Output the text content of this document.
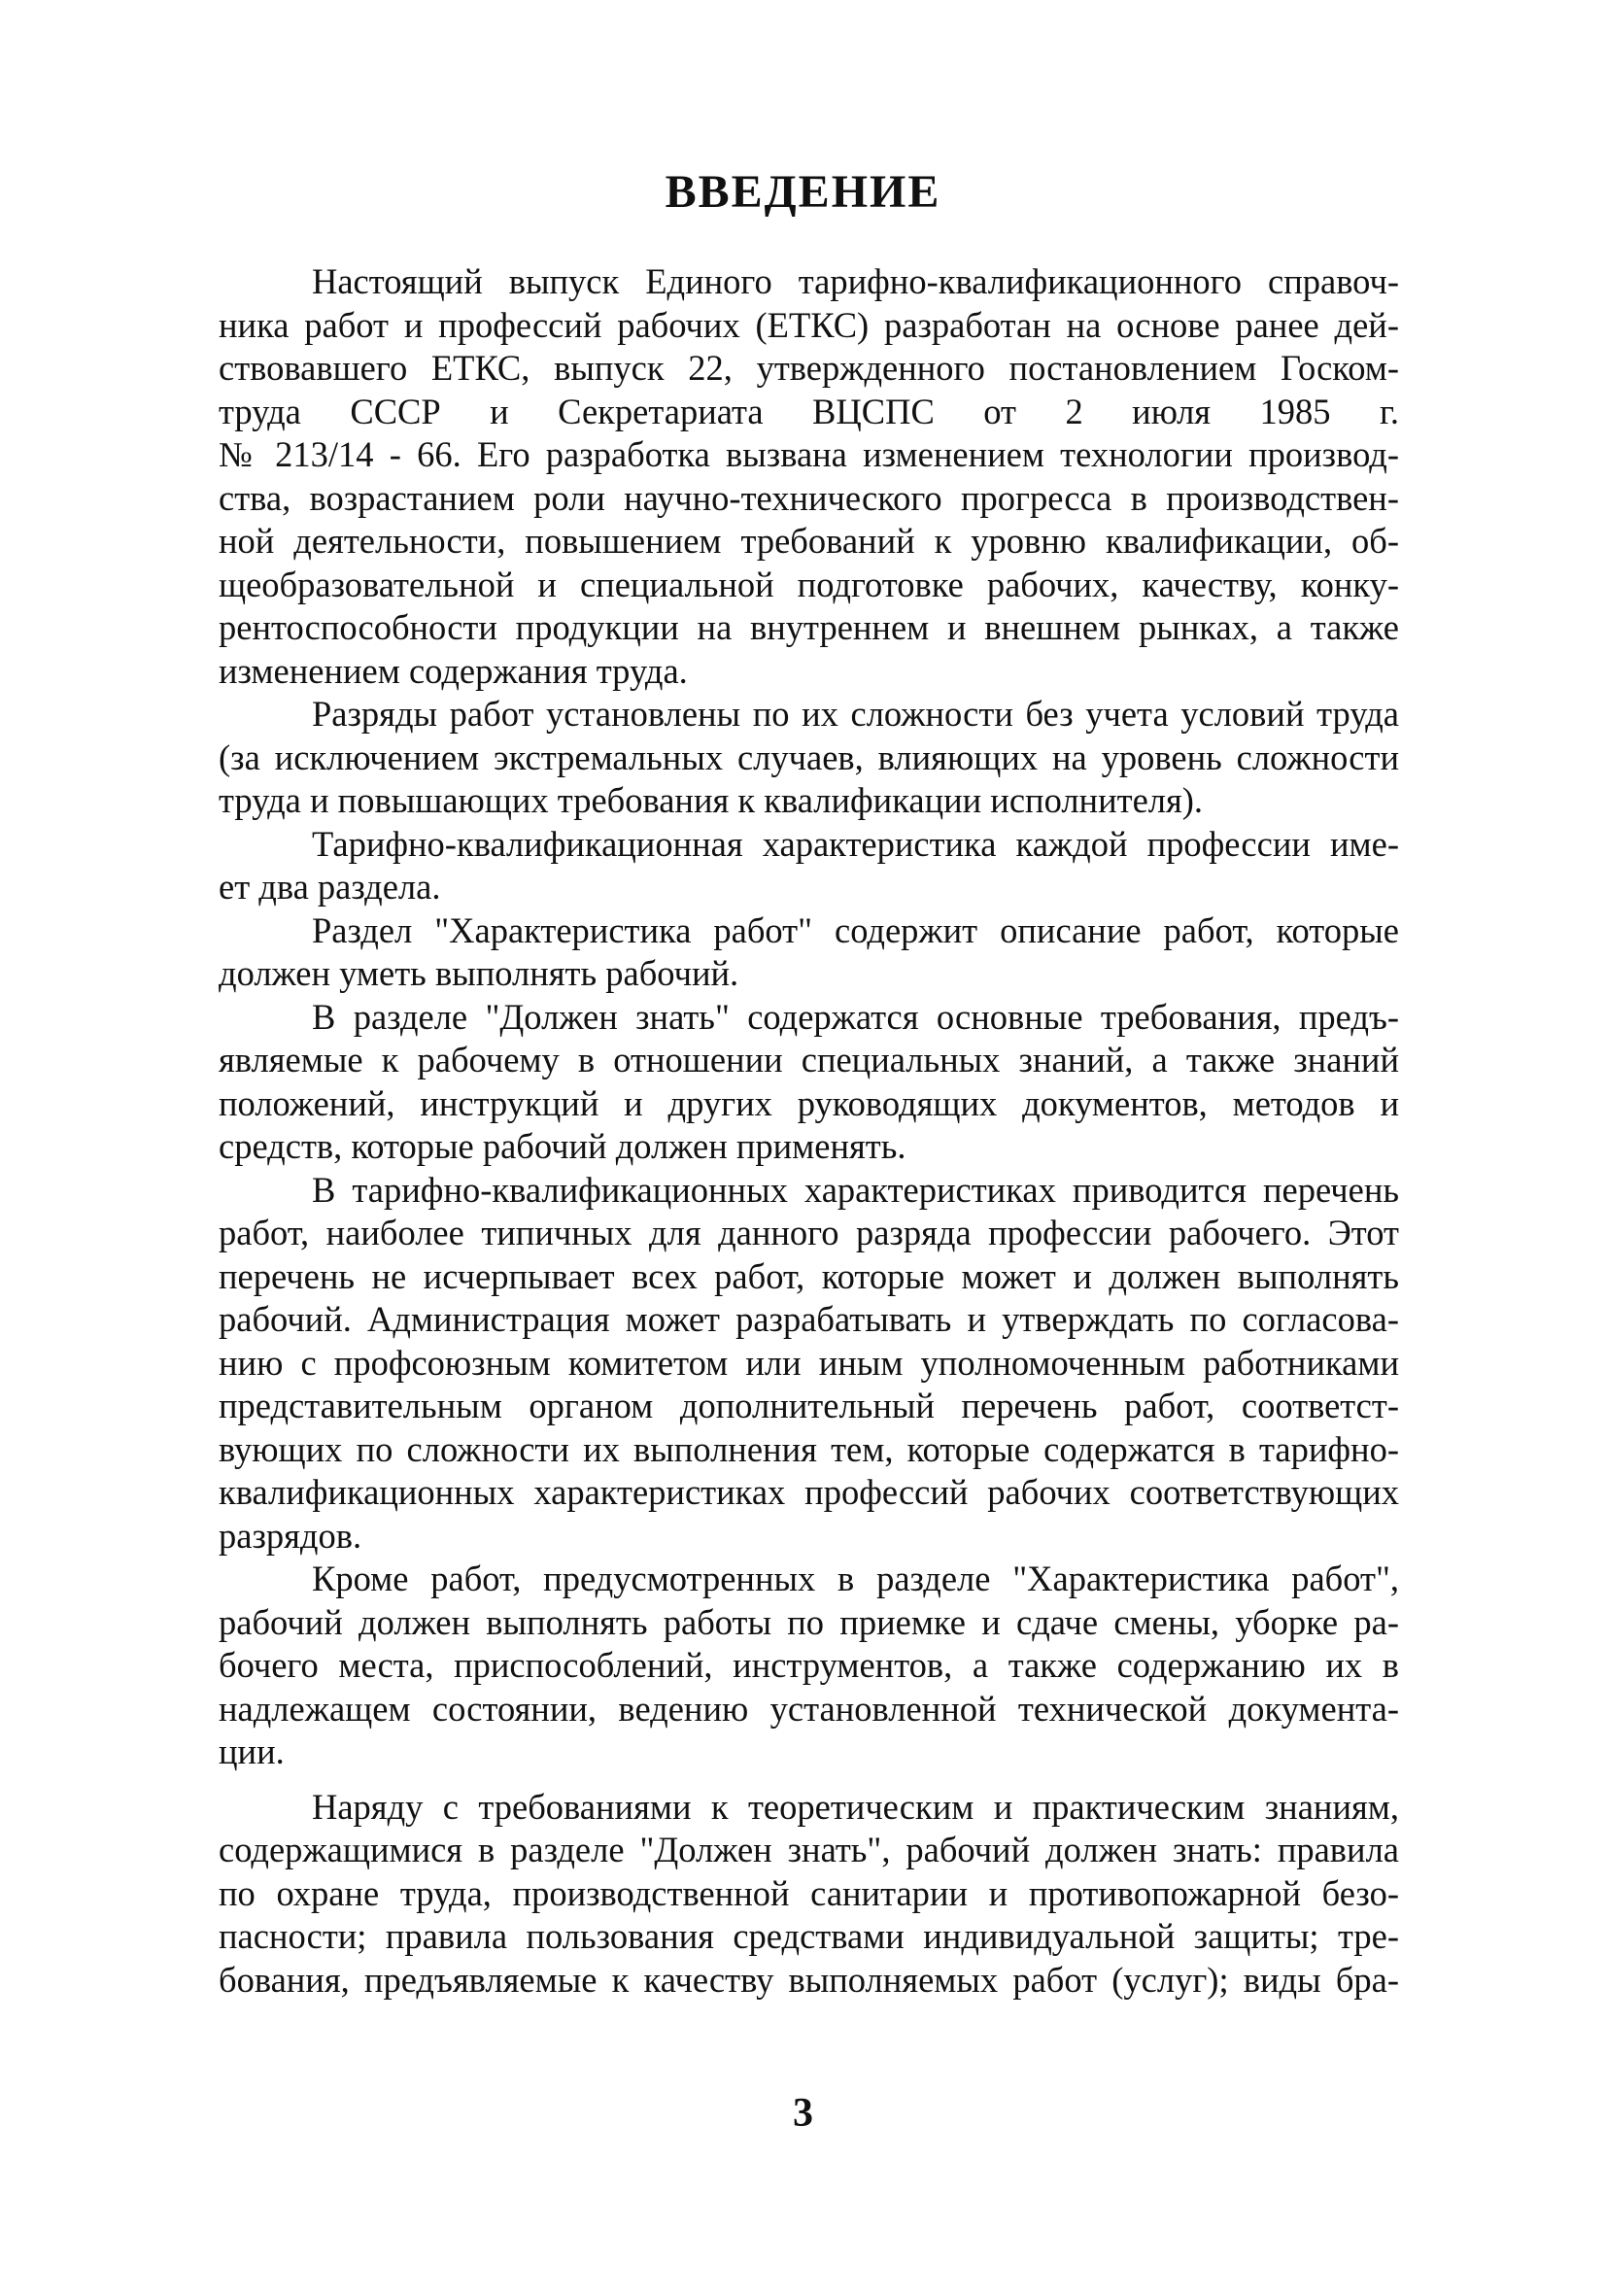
ВВЕДЕНИЕ
Настоящий выпуск Единого тарифно-квалификационного справоч-
ника работ и профессий рабочих (ЕТКС) разработан на основе ранее дей-
ствовавшего ЕТКС, выпуск 22, утвержденного постановлением Госком-
труда СССР и Секретариата ВЦСПС от 2 июля 1985 г.
№ 213/14 - 66. Его разработка вызвана изменением технологии производ-
ства, возрастанием роли научно-технического прогресса в производствен-
ной деятельности, повышением требований к уровню квалификации, об-
щеобразовательной и специальной подготовке рабочих, качеству, конку-
рентоспособности продукции на внутреннем и внешнем рынках, а также
изменением содержания труда.
Разряды работ установлены по их сложности без учета условий труда
(за исключением экстремальных случаев, влияющих на уровень сложности
труда и повышающих требования к квалификации исполнителя).
Тарифно-квалификационная характеристика каждой профессии име-
ет два раздела.
Раздел "Характеристика работ" содержит описание работ, которые
должен уметь выполнять рабочий.
В разделе "Должен знать" содержатся основные требования, предъ-
являемые к рабочему в отношении специальных знаний, а также знаний
положений, инструкций и других руководящих документов, методов и
средств, которые рабочий должен применять.
В тарифно-квалификационных характеристиках приводится перечень
работ, наиболее типичных для данного разряда профессии рабочего. Этот
перечень не исчерпывает всех работ, которые может и должен выполнять
рабочий. Администрация может разрабатывать и утверждать по согласова-
нию с профсоюзным комитетом или иным уполномоченным работниками
представительным органом дополнительный перечень работ, соответст-
вующих по сложности их выполнения тем, которые содержатся в тарифно-
квалификационных характеристиках профессий рабочих соответствующих
разрядов.
Кроме работ, предусмотренных в разделе "Характеристика работ",
рабочий должен выполнять работы по приемке и сдаче смены, уборке ра-
бочего места, приспособлений, инструментов, а также содержанию их в
надлежащем состоянии, ведению установленной технической документа-
ции.
Наряду с требованиями к теоретическим и практическим знаниям,
содержащимися в разделе "Должен знать", рабочий должен знать: правила
по охране труда, производственной санитарии и противопожарной безо-
пасности; правила пользования средствами индивидуальной защиты; тре-
бования, предъявляемые к качеству выполняемых работ (услуг); виды бра-
3
